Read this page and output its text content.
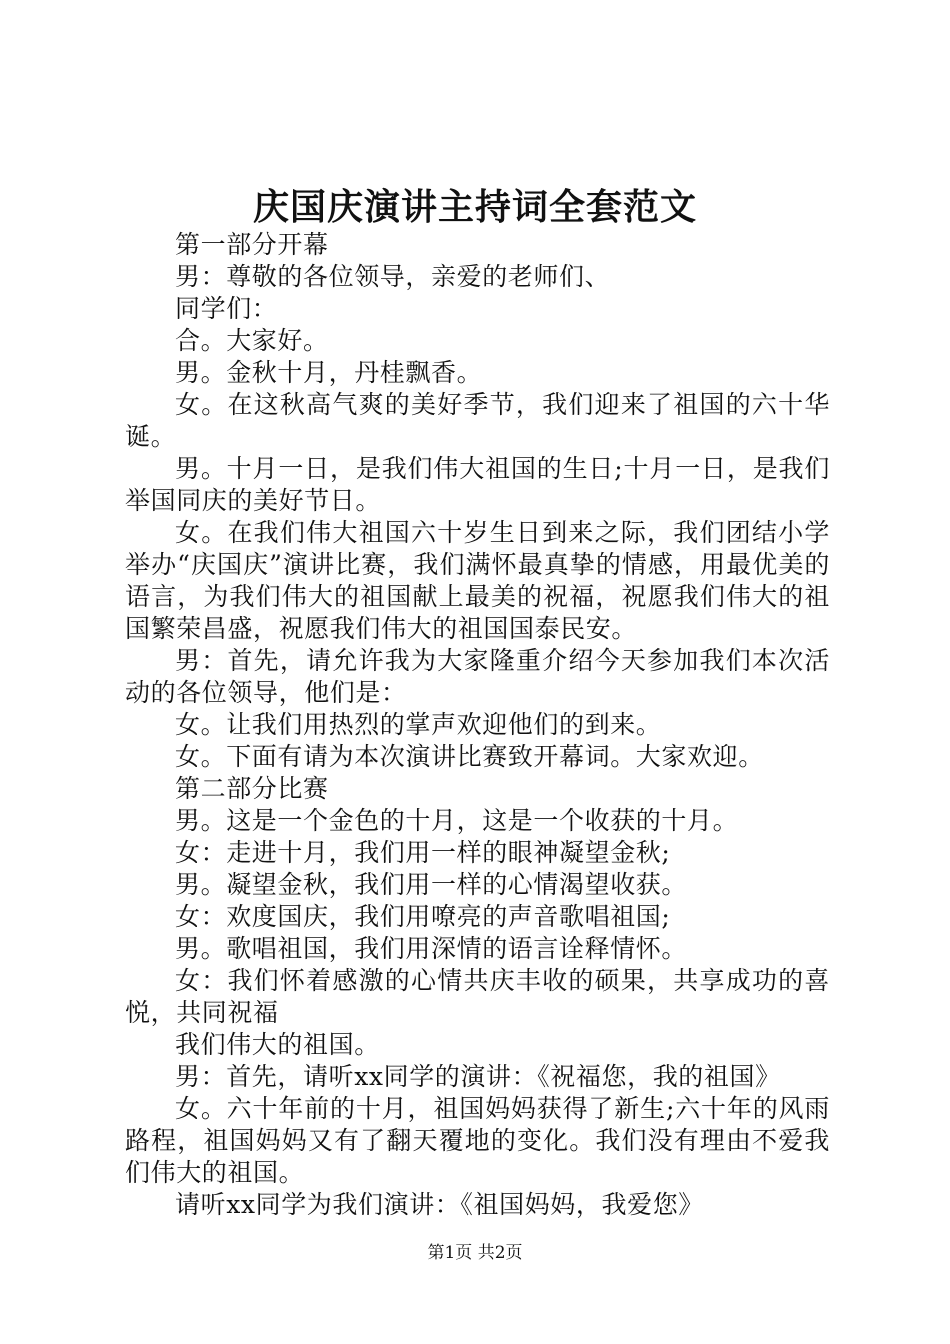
庆国庆演讲主持词全套范文

第一部分开幕

男：尊敬的各位领导，亲爱的老师们、

同学们：

合。大家好。

男。金秋十月，丹桂飘香。

女。在这秋高气爽的美好季节，我们迎来了祖国的六十华诞。

男。十月一日，是我们伟大祖国的生日;十月一日，是我们举国同庆的美好节日。

女。在我们伟大祖国六十岁生日到来之际，我们团结小学举办“庆国庆”演讲比赛，我们满怀最真挚的情感，用最优美的语言，为我们伟大的祖国献上最美的祝福，祝愿我们伟大的祖国繁荣昌盛，祝愿我们伟大的祖国国泰民安。

男：首先，请允许我为大家隆重介绍今天参加我们本次活动的各位领导，他们是：

女。让我们用热烈的掌声欢迎他们的到来。

女。下面有请为本次演讲比赛致开幕词。大家欢迎。

第二部分比赛

男。这是一个金色的十月，这是一个收获的十月。

女：走进十月，我们用一样的眼神凝望金秋;

男。凝望金秋，我们用一样的心情渴望收获。

女：欢度国庆，我们用嘹亮的声音歌唱祖国;

男。歌唱祖国，我们用深情的语言诠释情怀。

女：我们怀着感激的心情共庆丰收的硕果，共享成功的喜悦，共同祝福

我们伟大的祖国。

男：首先，请听xx同学的演讲：《祝福您，我的祖国》

女。六十年前的十月，祖国妈妈获得了新生;六十年的风雨路程，祖国妈妈又有了翻天覆地的变化。我们没有理由不爱我们伟大的祖国。

请听xx同学为我们演讲：《祖国妈妈，我爱您》

第1页 共2页
